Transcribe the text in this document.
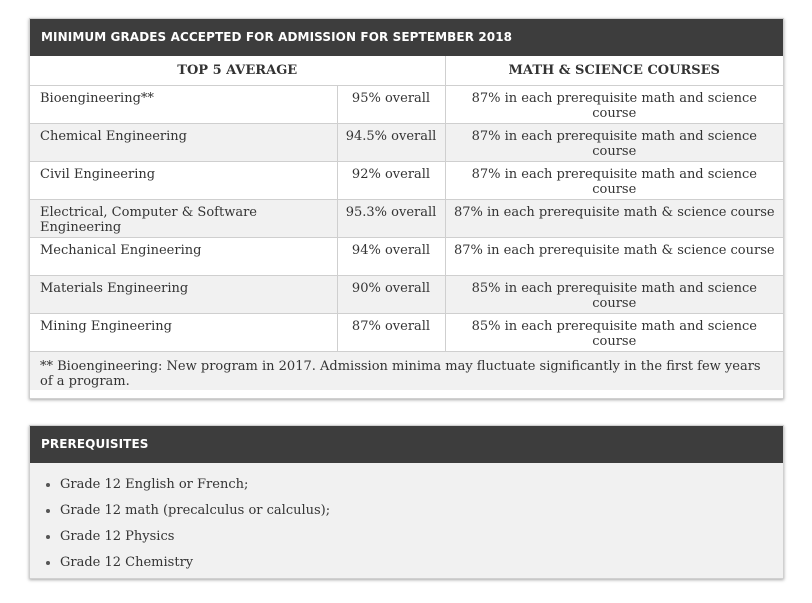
MINIMUM GRADES ACCEPTED FOR ADMISSION FOR SEPTEMBER 2018
TOP 5 AVERAGE		MATH & SCIENCE COURSES
Bioengineering**	95% overall	87% in each prerequisite math and science course
Chemical Engineering	94.5% overall	87% in each prerequisite math and science course
Civil Engineering	92% overall	87% in each prerequisite math and science course
Electrical, Computer & Software Engineering	95.3% overall	87% in each prerequisite math & science course
Mechanical Engineering	94% overall	87% in each prerequisite math & science course
Materials Engineering	90% overall	85% in each prerequisite math and science course
Mining Engineering	87% overall	85% in each prerequisite math and science course
** Bioengineering: New program in 2017. Admission minima may fluctuate significantly in the first few years of a program.		
PREREQUISITES
• Grade 12 English or French;
• Grade 12 math (precalculus or calculus);
• Grade 12 Physics
• Grade 12 Chemistry
